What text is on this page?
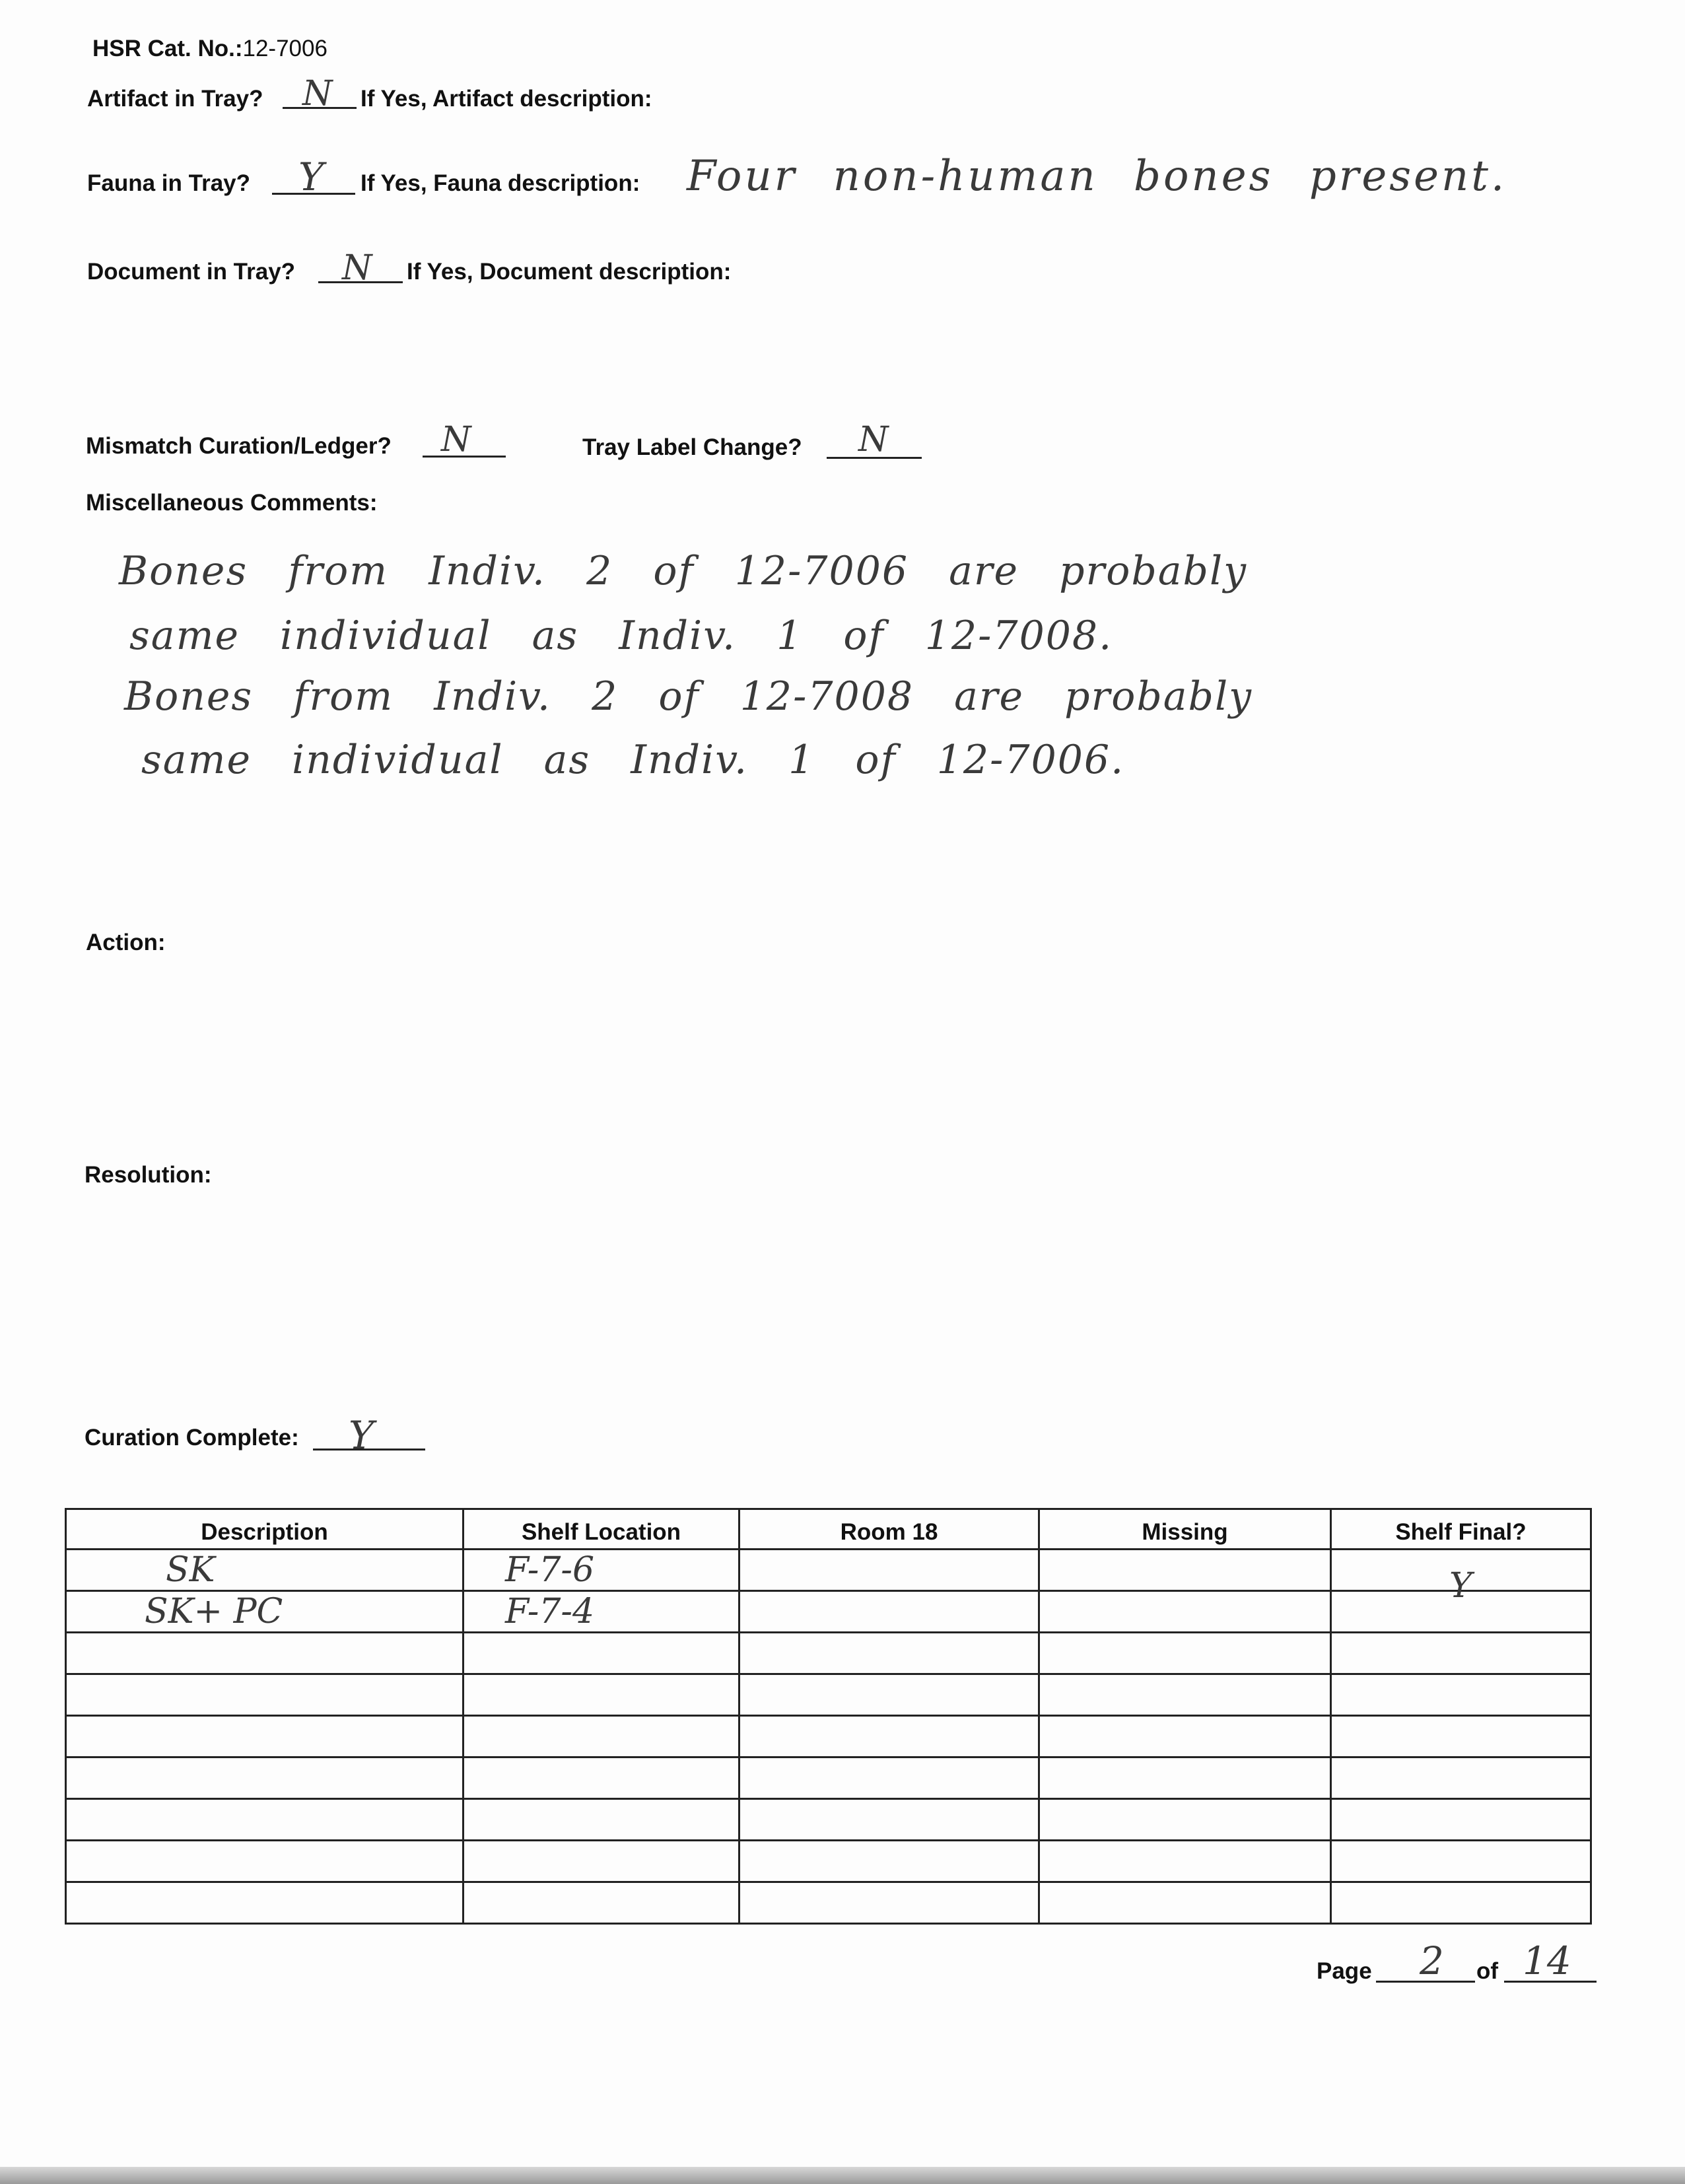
HSR Cat. No.:12-7006
Artifact in Tray? N If Yes, Artifact description:
Fauna in Tray? Y If Yes, Fauna description: Four non-human bones present.
Document in Tray? N If Yes, Document description:
Mismatch Curation/Ledger? N	Tray Label Change? N
Miscellaneous Comments:
Bones from Indiv. 2 of 12-7006 are probably
same individual as Indiv. 1 of 12-7008.
Bones from Indiv. 2 of 12-7008 are probably
same individual as Indiv. 1 of 12-7006.
Action:
Resolution:
Curation Complete: Y
Description	Shelf Location	Room 18	Missing	Shelf Final?
SK	F-7-6			Y
SK+ PC	F-7-4			

Page 2 of 14
